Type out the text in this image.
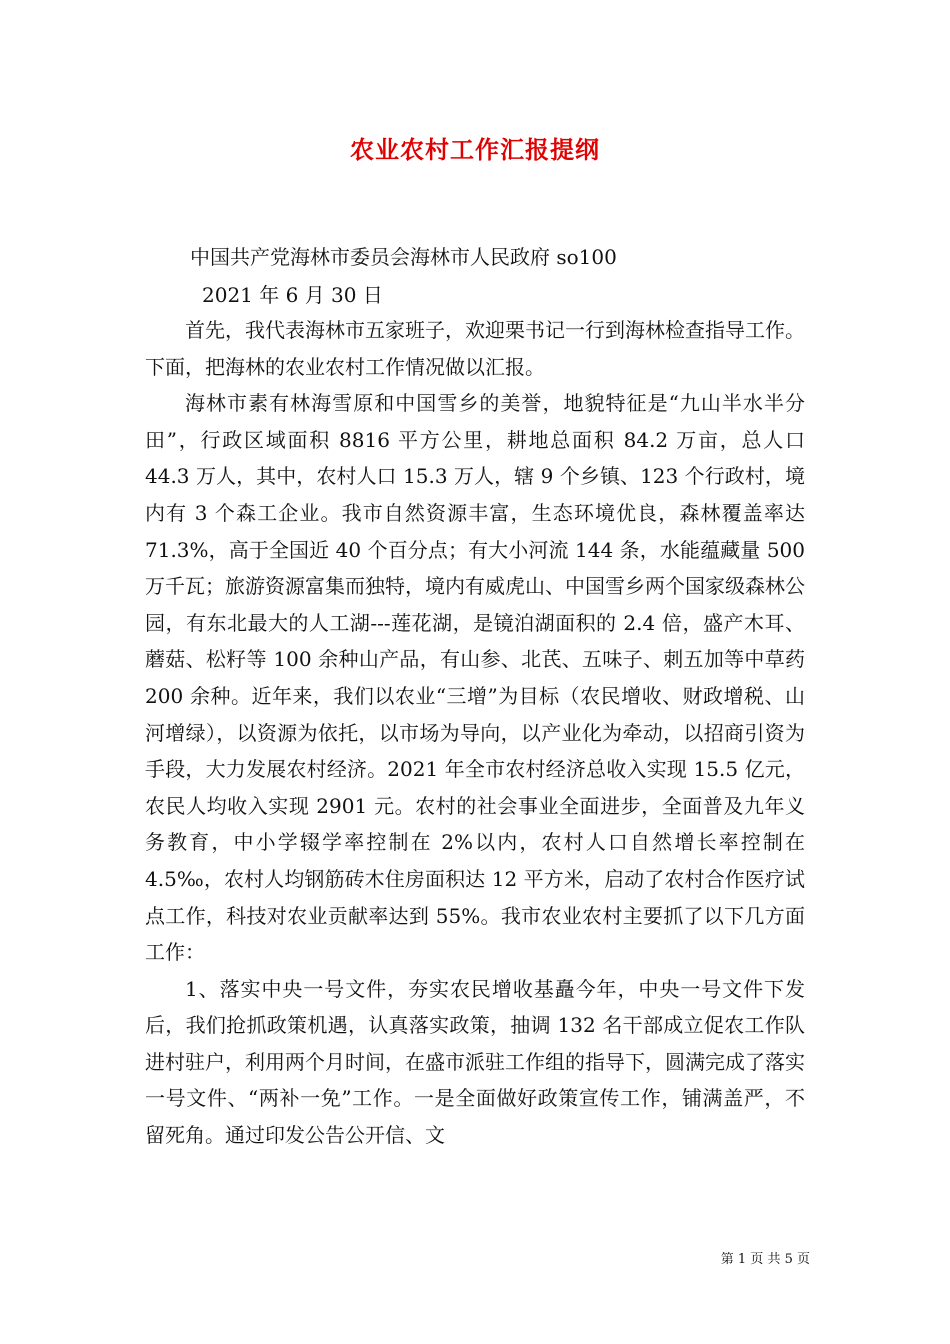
农业农村工作汇报提纲
中国共产党海林市委员会海林市人民政府 so100
2021 年 6 月 30 日

首先，我代表海林市五家班子，欢迎栗书记一行到海林检查指导工作。下面，把海林的农业农村工作情况做以汇报。

海林市素有林海雪原和中国雪乡的美誉，地貌特征是“九山半水半分田”，行政区域面积 8816 平方公里，耕地总面积 84.2 万亩，总人口 44.3 万人，其中，农村人口 15.3 万人，辖 9 个乡镇、123 个行政村，境内有 3 个森工企业。我市自然资源丰富，生态环境优良，森林覆盖率达 71.3%，高于全国近 40 个百分点；有大小河流 144 条，水能蕴藏量 500 万千瓦；旅游资源富集而独特，境内有威虎山、中国雪乡两个国家级森林公园，有东北最大的人工湖---莲花湖，是镜泊湖面积的 2.4 倍，盛产木耳、蘑菇、松籽等 100 余种山产品，有山参、北芪、五味子、刺五加等中草药 200 余种。近年来，我们以农业“三增”为目标（农民增收、财政增税、山河增绿），以资源为依托，以市场为导向，以产业化为牵动，以招商引资为手段，大力发展农村经济。2021 年全市农村经济总收入实现 15.5 亿元，农民人均收入实现 2901 元。农村的社会事业全面进步，全面普及九年义务教育，中小学辍学率控制在 2%以内，农村人口自然增长率控制在 4.5‰，农村人均钢筋砖木住房面积达 12 平方米，启动了农村合作医疗试点工作，科技对农业贡献率达到 55%。我市农业农村主要抓了以下几方面工作：

1、落实中央一号文件，夯实农民增收基矗今年，中央一号文件下发后，我们抢抓政策机遇，认真落实政策，抽调 132 名干部成立促农工作队进村驻户，利用两个月时间，在盛市派驻工作组的指导下，圆满完成了落实一号文件、“两补一免”工作。一是全面做好政策宣传工作，铺满盖严，不留死角。通过印发公告公开信、文

第 1 页 共 5 页
